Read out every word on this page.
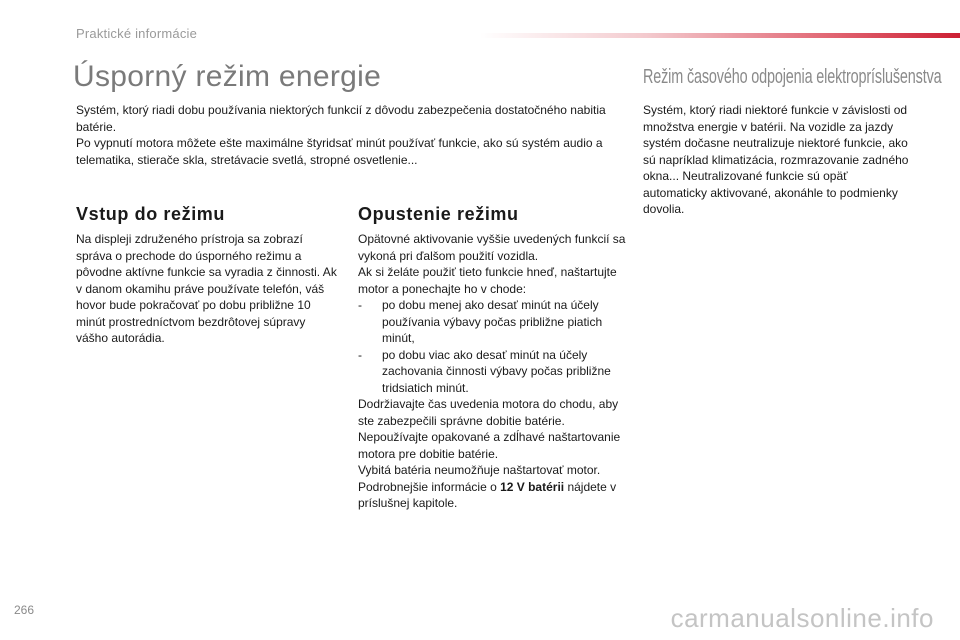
Praktické informácie
Úsporný režim energie
Systém, ktorý riadi dobu používania niektorých funkcií z dôvodu zabezpečenia dostatočného nabitia batérie.
Po vypnutí motora môžete ešte maximálne štyridsať minút používať funkcie, ako sú systém audio a telematika, stierače skla, stretávacie svetlá, stropné osvetlenie...
Vstup do režimu

Na displeji združeného prístroja sa zobrazí správa o prechode do úsporného režimu a pôvodne aktívne funkcie sa vyradia z činnosti. Ak v danom okamihu práve používate telefón, váš hovor bude pokračovať po dobu približne 10 minút prostredníctvom bezdrôtovej súpravy vášho autorádia.

Opustenie režimu
Opätovné aktivovanie vyššie uvedených funkcií sa vykoná pri ďalšom použití vozidla.
Ak si želáte použiť tieto funkcie hneď, naštartujte motor a ponechajte ho v chode:
-	po dobu menej ako desať minút na účely používania výbavy počas približne piatich minút,
-	po dobu viac ako desať minút na účely zachovania činnosti výbavy počas približne tridsiatich minút.
Dodržiavajte čas uvedenia motora do chodu, aby ste zabezpečili správne dobitie batérie.
Nepoužívajte opakované a zdĺhavé naštartovanie motora pre dobitie batérie.
Vybitá batéria neumožňuje naštartovať motor.
Podrobnejšie informácie o 12 V batérii nájdete v príslušnej kapitole.
Režim časového odpojenia elektropríslušenstva

Systém, ktorý riadi niektoré funkcie v závislosti od množstva energie v batérii. Na vozidle za jazdy systém dočasne neutralizuje niektoré funkcie, ako sú napríklad klimatizácia, rozmrazovanie zadného okna... Neutralizované funkcie sú opäť automaticky aktivované, akonáhle to podmienky dovolia.

266	carmanualsonline.info
